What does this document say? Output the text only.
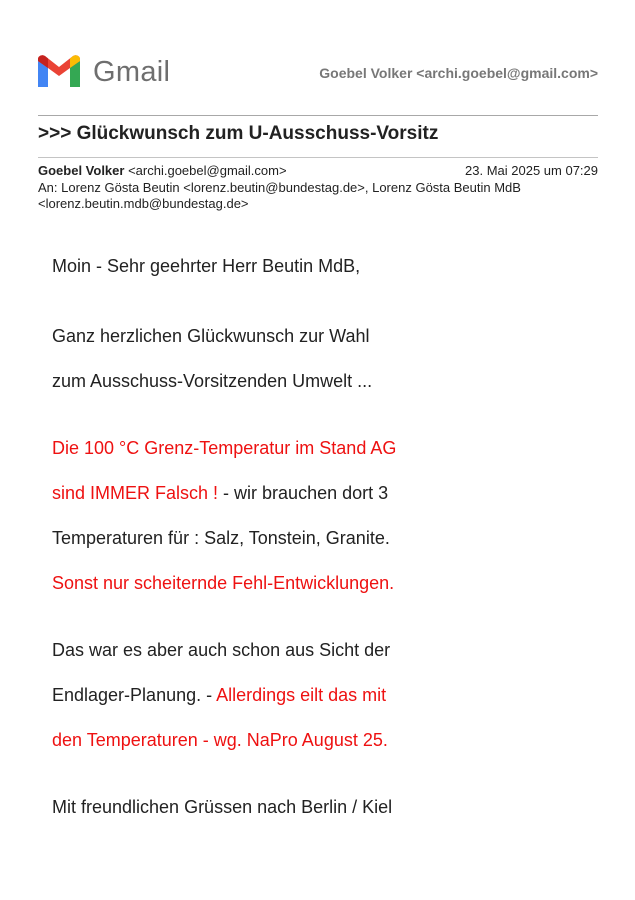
Gmail	Goebel Volker <archi.goebel@gmail.com>
>>> Glückwunsch zum U-Ausschuss-Vorsitz
Goebel Volker <archi.goebel@gmail.com>	23. Mai 2025 um 07:29
An: Lorenz Gösta Beutin <lorenz.beutin@bundestag.de>, Lorenz Gösta Beutin MdB
<lorenz.beutin.mdb@bundestag.de>
Moin - Sehr geehrter Herr Beutin MdB,
Ganz herzlichen Glückwunsch zur Wahl
zum Ausschuss-Vorsitzenden Umwelt ...
Die 100 °C Grenz-Temperatur im Stand AG
sind IMMER Falsch ! - wir brauchen dort 3
Temperaturen für : Salz, Tonstein, Granite.
Sonst nur scheiternde Fehl-Entwicklungen.
Das war es aber auch schon aus Sicht der
Endlager-Planung. - Allerdings eilt das mit
den Temperaturen - wg. NaPro August 25.
Mit freundlichen Grüssen nach Berlin / Kiel
